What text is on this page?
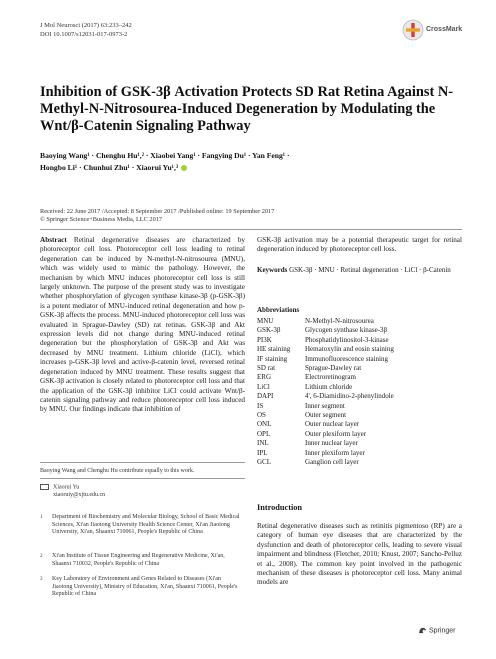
J Mol Neurosci (2017) 63:233–242
DOI 10.1007/s12031-017-0973-2
CrossMark
Inhibition of GSK-3β Activation Protects SD Rat Retina Against N-Methyl-N-Nitrosourea-Induced Degeneration by Modulating the Wnt/β-Catenin Signaling Pathway
Baoying Wang¹ · Chenghu Hu¹,² · Xiaobei Yang¹ · Fangying Du¹ · Yan Feng¹ ·
Hongbo Li¹ · Chunhui Zhu¹ · Xiaorui Yu¹,³
Received: 22 June 2017 /Accepted: 8 September 2017 /Published online: 19 September 2017
© Springer Science+Business Media, LLC 2017
Abstract Retinal degenerative diseases are characterized by photoreceptor cell loss. Photoreceptor cell loss leading to retinal degeneration can be induced by N-methyl-N-nitrosourea (MNU), which was widely used to mimic the pathology. However, the mechanism by which MNU induces photoreceptor cell loss is still largely unknown. The purpose of the present study was to investigate whether phosphorylation of glycogen synthase kinase-3β (p-GSK-3β) is a potent mediator of MNU-induced retinal degeneration and how p-GSK-3β affects the process. MNU-induced photoreceptor cell loss was evaluated in Sprague-Dawley (SD) rat retinas. GSK-3β and Akt expression levels did not change during MNU-induced retinal degeneration but the phosphorylation of GSK-3β and Akt was decreased by MNU treatment. Lithium chloride (LiCl), which increases p-GSK-3β level and active-β-catenin level, reversed retinal degeneration induced by MNU treatment. These results suggest that GSK-3β activation is closely related to photoreceptor cell loss and that the application of the GSK-3β inhibitor LiCl could activate Wnt/β-catenin signaling pathway and reduce photoreceptor cell loss induced by MNU. Our findings indicate that inhibition of
Baoying Wang and Chenghu Hu contribute equally to this work.
Xiaorui Yu
xiaoruiy@xjtu.edu.cn
1 Department of Biochemistry and Molecular Biology, School of Basic Medical Sciences, Xi'an Jiaotong University Health Science Center, Xi'an Jiaotong University, Xi'an, Shaanxi 710061, People's Republic of China
2 Xi'an Institute of Tissue Engineering and Regenerative Medicine, Xi'an, Shaanxi 710032, People's Republic of China
3 Key Laboratory of Environment and Genes Related to Diseases (Xi'an Jiaotong University), Ministry of Education, Xi'an, Shaanxi 710061, People's Republic of China
GSK-3β activation may be a potential therapeutic target for retinal degeneration induced by photoreceptor cell loss.
Keywords GSK-3β · MNU · Retinal degeneration · LiCl · β-Catenin
Abbreviations
MNU	N-Methyl-N-nitrosourea
GSK-3β	Glycogen synthase kinase-3β
PI3K	Phosphatidylinositol-3-kinase
HE staining	Hematoxylin and eosin staining
IF staining	Immunofluorescence staining
SD rat	Sprague-Dawley rat
ERG	Electroretinogram
LiCl	Lithium chloride
DAPI	4', 6-Diamidino-2-phenylindole
IS	Inner segment
OS	Outer segment
ONL	Outer nuclear layer
OPL	Outer plexiform layer
INL	Inner nuclear layer
IPL	Inner plexiform layer
GCL	Ganglion cell layer
Introduction
Retinal degenerative diseases such as retinitis pigmentoso (RP) are a category of human eye diseases that are characterized by the dysfunction and death of photoreceptor cells, leading to severe visual impairment and blindness (Fletcher, 2010; Knust, 2007; Sancho-Pelluz et al., 2008). The common key point involved in the pathogenic mechanism of these diseases is photoreceptor cell loss. Many animal models are
Springer
